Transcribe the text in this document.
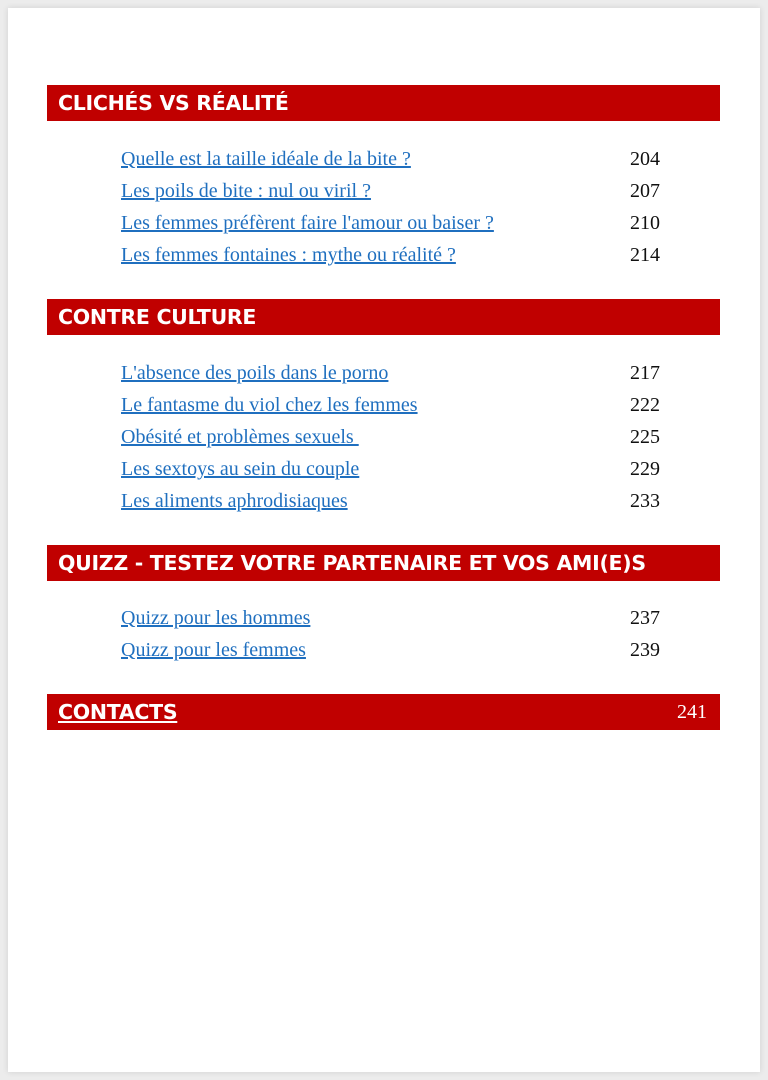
CLICHÉS VS RÉALITÉ
Quelle est la taille idéale de la bite ?	204
Les poils de bite : nul ou viril ?	207
Les femmes préfèrent faire l'amour ou baiser ?	210
Les femmes fontaines : mythe ou réalité ?	214
CONTRE CULTURE
L'absence des poils dans le porno	217
Le fantasme du viol chez les femmes	222
Obésité et problèmes sexuels	225
Les sextoys au sein du couple	229
Les aliments aphrodisiaques	233
QUIZZ - TESTEZ VOTRE PARTENAIRE ET VOS AMI(E)S
Quizz pour les hommes	237
Quizz pour les femmes	239
CONTACTS	241
